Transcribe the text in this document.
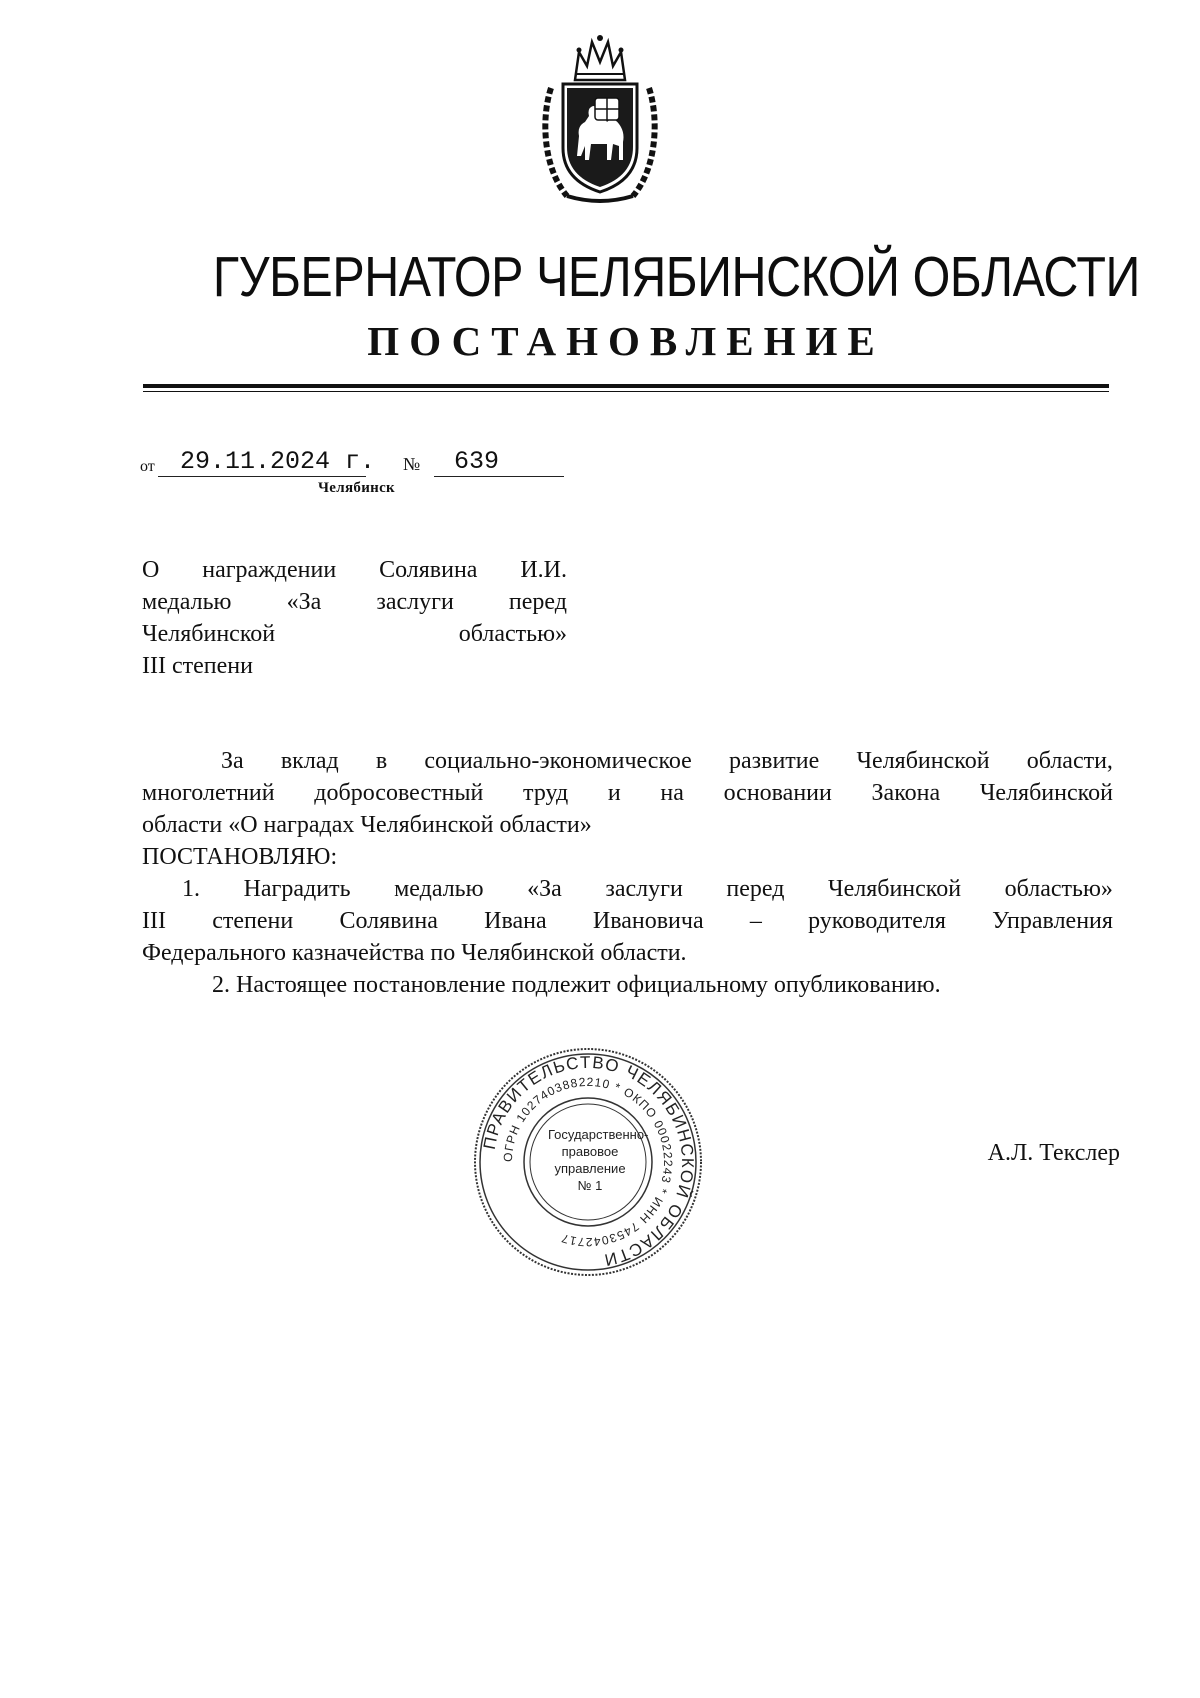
ГУБЕРНАТОР ЧЕЛЯБИНСКОЙ ОБЛАСТИ
ПОСТАНОВЛЕНИЕ
от 29.11.2024 г. № 639
Челябинск
О награждении Солявина И.И.
медалью «За заслуги перед
Челябинской	областью»
III степени
За вклад в социально-экономическое развитие Челябинской области,
многолетний добросовестный труд и на основании Закона Челябинской
области «О наградах Челябинской области»
ПОСТАНОВЛЯЮ:
1. Наградить медалью «За заслуги перед Челябинской областью»
III степени Солявина Ивана Ивановича – руководителя Управления
Федерального казначейства по Челябинской области.
2. Настоящее постановление подлежит официальному опубликованию.
ПРАВИТЕЛЬСТВО ЧЕЛЯБИНСКОЙ ОБЛАСТИ
ОГРН 1027403882210 * ОКПО 00022243 * ИНН 7453042717
Государственно-
правовое
управление
№ 1
А.Л. Текслер
